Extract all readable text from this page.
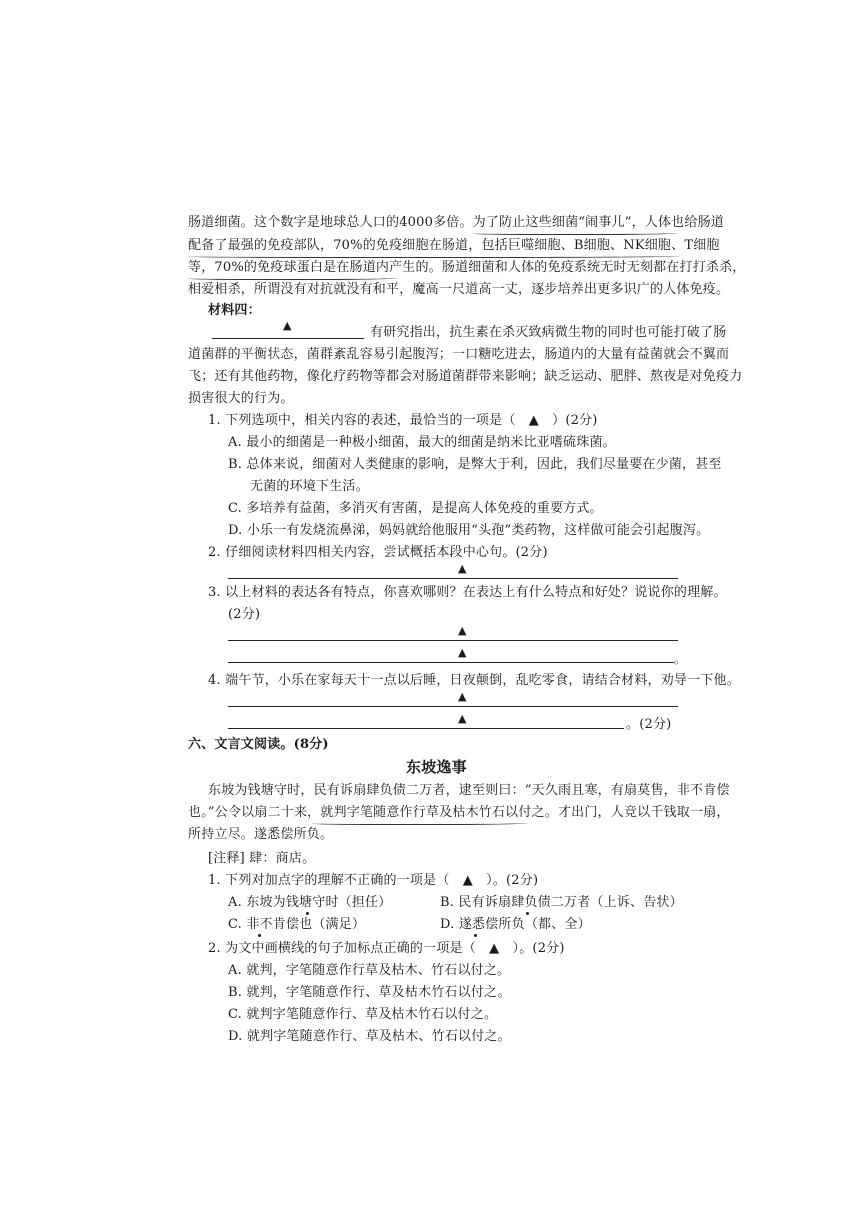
肠道细菌。这个数字是地球总人口的4000多倍。为了防止这些细菌“闹事儿”，人体也给肠道
配备了最强的免疫部队，70%的免疫细胞在肠道，包括巨噬细胞、B细胞、NK细胞、T细胞
等，70%的免疫球蛋白是在肠道内产生的。肠道细菌和人体的免疫系统无时无刻都在打打杀杀，
相爱相杀，所谓没有对抗就没有和平，魔高一尺道高一丈，逐步培养出更多识广的人体免疫。
材料四：
▲	有研究指出，抗生素在杀灭致病微生物的同时也可能打破了肠
道菌群的平衡状态，菌群紊乱容易引起腹泻；一口糖吃进去，肠道内的大量有益菌就会不翼而
飞；还有其他药物，像化疗药物等都会对肠道菌群带来影响；缺乏运动、肥胖、熬夜是对免疫力
损害很大的行为。
1. 下列选项中，相关内容的表述，最恰当的一项是（　▲　）(2分)
A. 最小的细菌是一种极小细菌，最大的细菌是纳米比亚嗜硫珠菌。
B. 总体来说，细菌对人类健康的影响，是弊大于利，因此，我们尽量要在少菌，甚至
无菌的环境下生活。
C. 多培养有益菌，多消灭有害菌，是提高人体免疫的重要方式。
D. 小乐一有发烧流鼻涕，妈妈就给他服用“头孢”类药物，这样做可能会引起腹泻。
2. 仔细阅读材料四相关内容，尝试概括本段中心句。(2分)
▲
3. 以上材料的表达各有特点，你喜欢哪则？在表达上有什么特点和好处？说说你的理解。
(2分)
▲
▲	。
4. 端午节，小乐在家每天十一点以后睡，日夜颠倒，乱吃零食，请结合材料，劝导一下他。
▲
▲	。(2分)
六、文言文阅读。(8分)
东坡逸事
东坡为钱塘守时，民有诉扇肆负债二万者，逮至则曰：“天久雨且寒，有扇莫售，非不肯偿
也。”公令以扇二十来，就判字笔随意作行草及枯木竹石以付之。才出门，人竞以千钱取一扇，
所持立尽。遂悉偿所负。
[注释] 肆：商店。
1. 下列对加点字的理解不正确的一项是（　▲　）。(2分)
A. 东坡为钱塘守时（担任）	B. 民有诉扇肆负债二万者（上诉、告状）
C. 非不肯偿也（满足）	D. 遂悉偿所负（都、全）
2. 为文中画横线的句子加标点正确的一项是（　▲　）。(2分)
A. 就判，字笔随意作行草及枯木、竹石以付之。
B. 就判，字笔随意作行、草及枯木竹石以付之。
C. 就判字笔随意作行、草及枯木竹石以付之。
D. 就判字笔随意作行、草及枯木、竹石以付之。
